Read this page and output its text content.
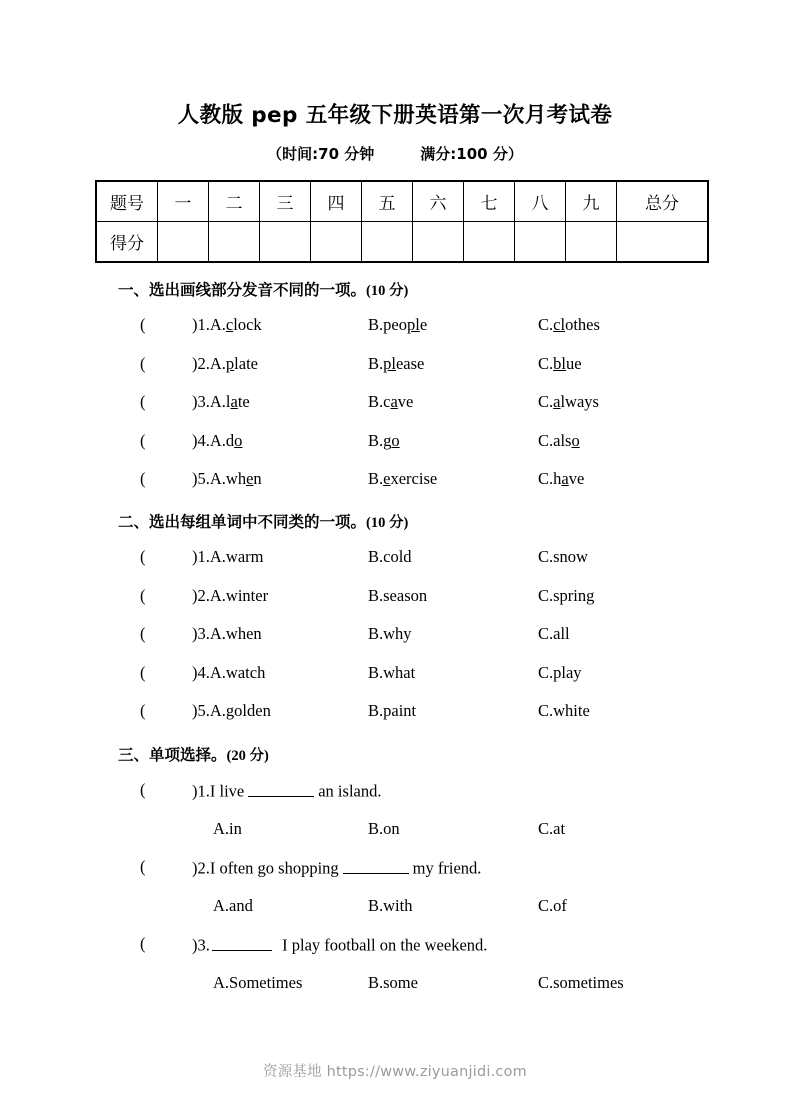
人教版 pep 五年级下册英语第一次月考试卷
（时间:70 分钟	满分:100 分）
题号	一	二	三	四	五	六	七	八	九	总分
得分										
一、选出画线部分发音不同的一项。(10 分)
(	)1.A.clock	B.people	C.clothes
(	)2.A.plate	B.please	C.blue
(	)3.A.late	B.cave	C.always
(	)4.A.do	B.go	C.also
(	)5.A.when	B.exercise	C.have
二、选出每组单词中不同类的一项。(10 分)
(	)1.A.warm	B.cold	C.snow
(	)2.A.winter	B.season	C.spring
(	)3.A.when	B.why	C.all
(	)4.A.watch	B.what	C.play
(	)5.A.golden	B.paint	C.white
三、单项选择。(20 分)
(	)1.I live	an island.
A.in	B.on	C.at
(	)2.I often go shopping	my friend.
A.and	B.with	C.of
(	)3.	I play football on the weekend.
A.Sometimes	B.some	C.sometimes
资源基地 https://www.ziyuanjidi.com
